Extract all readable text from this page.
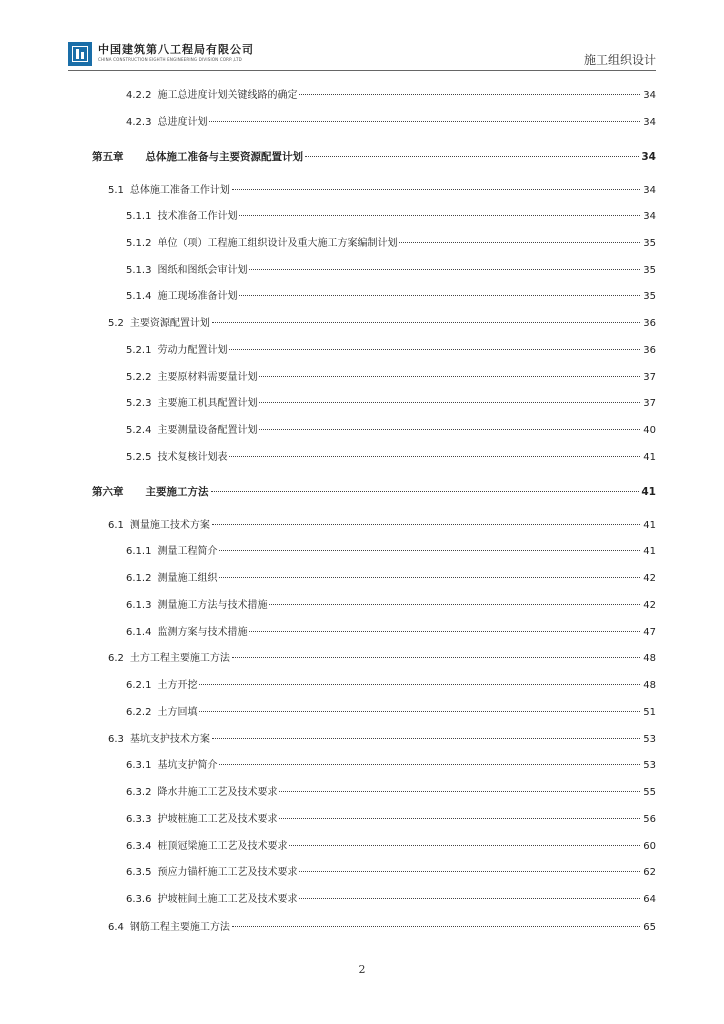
中国建筑第八工程局有限公司
CHINA CONSTRUCTION EIGHTH ENGINEERING DIVISION CORP.,LTD	施工组织设计
4.2.2 施工总进度计划关键线路的确定	34
4.2.3 总进度计划	34
第五章 总体施工准备与主要资源配置计划	34
5.1 总体施工准备工作计划	34
5.1.1 技术准备工作计划	34
5.1.2 单位（项）工程施工组织设计及重大施工方案编制计划	35
5.1.3 图纸和图纸会审计划	35
5.1.4 施工现场准备计划	35
5.2 主要资源配置计划	36
5.2.1 劳动力配置计划	36
5.2.2 主要原材料需要量计划	37
5.2.3 主要施工机具配置计划	37
5.2.4 主要测量设备配置计划	40
5.2.5 技术复核计划表	41
第六章 主要施工方法	41
6.1 测量施工技术方案	41
6.1.1 测量工程简介	41
6.1.2 测量施工组织	42
6.1.3 测量施工方法与技术措施	42
6.1.4 监测方案与技术措施	47
6.2 土方工程主要施工方法	48
6.2.1 土方开挖	48
6.2.2 土方回填	51
6.3 基坑支护技术方案	53
6.3.1 基坑支护简介	53
6.3.2 降水井施工工艺及技术要求	55
6.3.3 护坡桩施工工艺及技术要求	56
6.3.4 桩顶冠梁施工工艺及技术要求	60
6.3.5 预应力锚杆施工工艺及技术要求	62
6.3.6 护坡桩间土施工工艺及技术要求	64
6.4 钢筋工程主要施工方法	65
2
